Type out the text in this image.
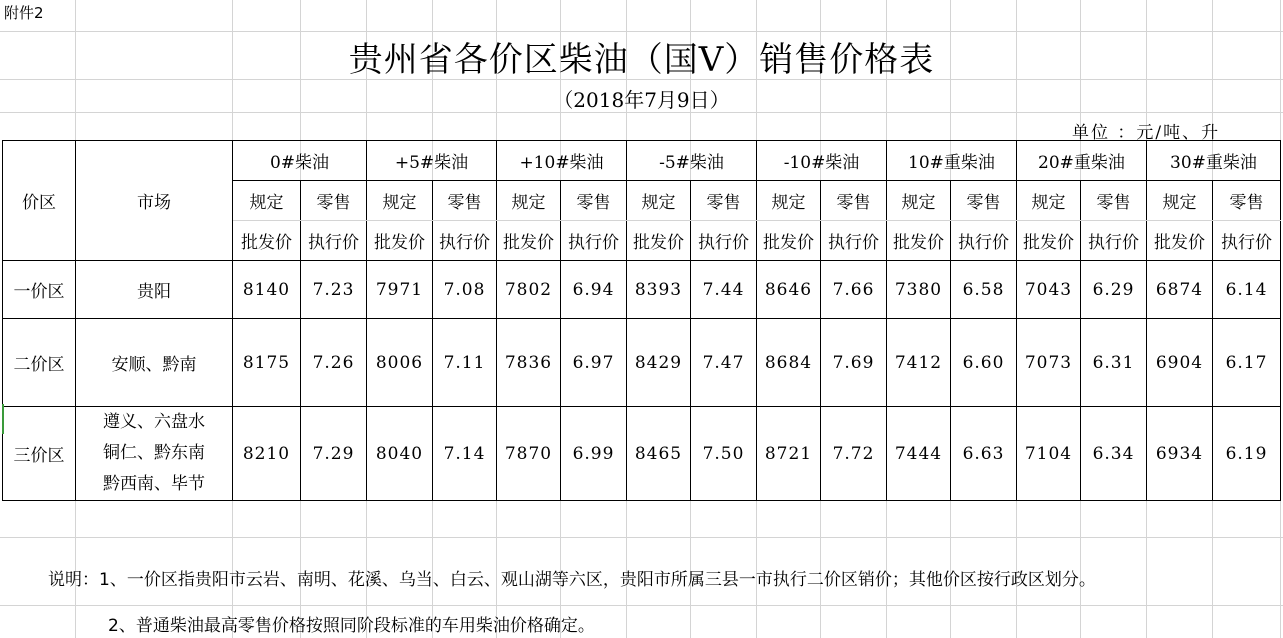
附件2
贵州省各价区柴油（国Ⅴ）销售价格表
（2018年7月9日）
单位 ：元/吨、升
价区	市场	0#柴油		+5#柴油		+10#柴油		-5#柴油		-10#柴油		10#重柴油		20#重柴油		30#重柴油	
		规定	零售	规定	零售	规定	零售	规定	零售	规定	零售	规定	零售	规定	零售	规定	零售
		批发价	执行价	批发价	执行价	批发价	执行价	批发价	执行价	批发价	执行价	批发价	执行价	批发价	执行价	批发价	执行价
一价区	贵阳	8140	7.23	7971	7.08	7802	6.94	8393	7.44	8646	7.66	7380	6.58	7043	6.29	6874	6.14
二价区	安顺、黔南	8175	7.26	8006	7.11	7836	6.97	8429	7.47	8684	7.69	7412	6.60	7073	6.31	6904	6.17
三价区	遵义、六盘水
铜仁、黔东南
黔西南、毕节	8210	7.29	8040	7.14	7870	6.99	8465	7.50	8721	7.72	7444	6.63	7104	6.34	6934	6.19
说明：1、一价区指贵阳市云岩、南明、花溪、乌当、白云、观山湖等六区，贵阳市所属三县一市执行二价区销价；其他价区按行政区划分。
2、普通柴油最高零售价格按照同阶段标准的车用柴油价格确定。
